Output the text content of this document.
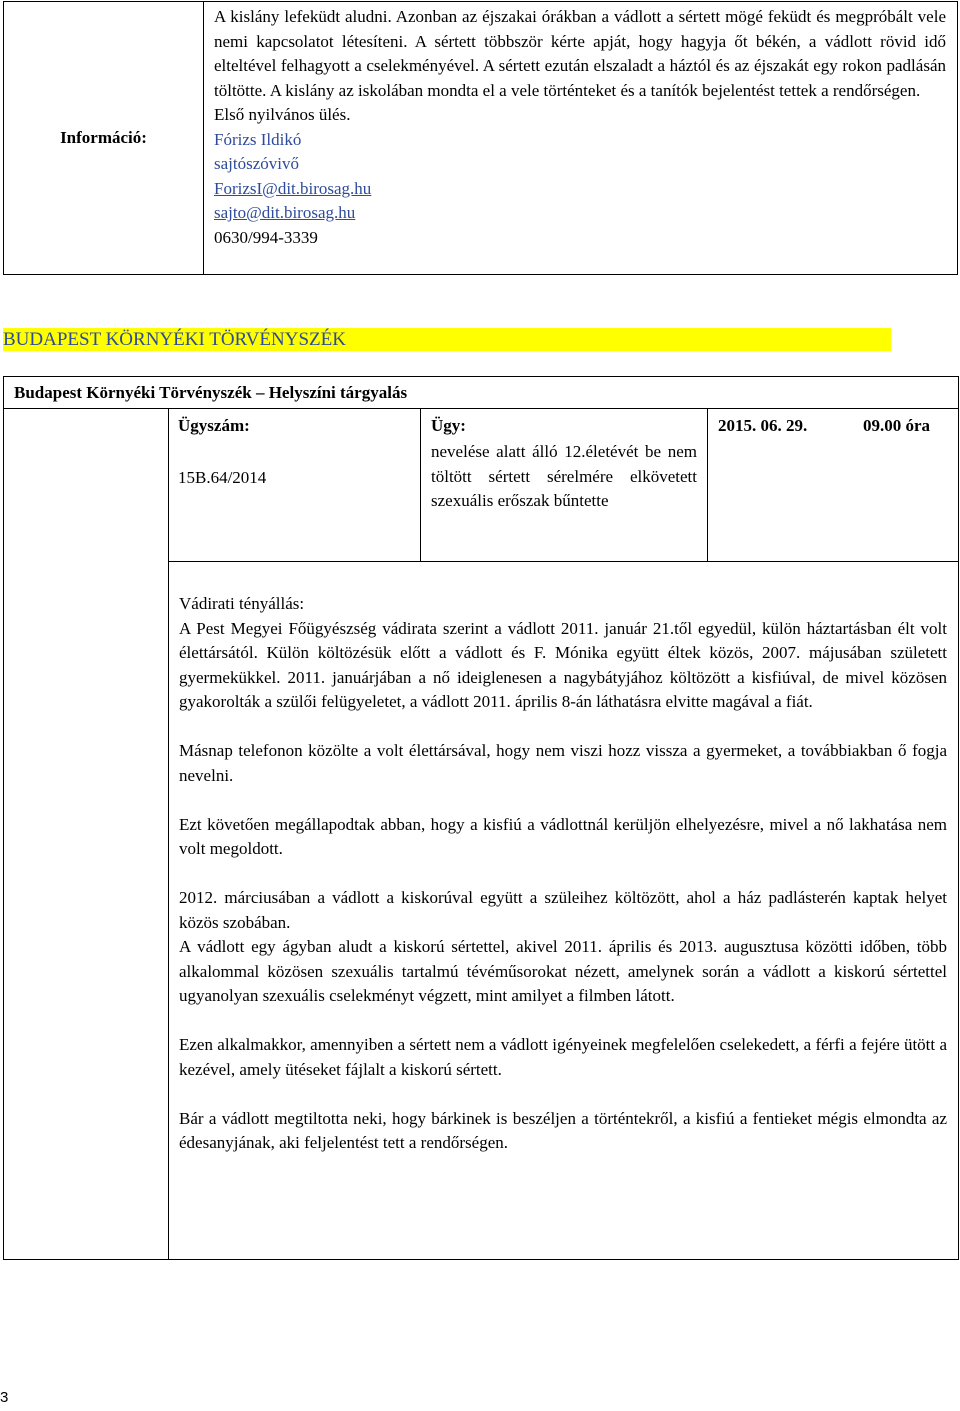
Információ:

A kislány lefeküdt aludni. Azonban az éjszakai órákban a vádlott a sértett mögé feküdt és megpróbált vele nemi kapcsolatot létesíteni. A sértett többször kérte apját, hogy hagyja őt békén, a vádlott rövid idő elteltével felhagyott a cselekményével. A sértett ezután elszaladt a háztól és az éjszakát egy rokon padlásán töltötte. A kislány az iskolában mondta el a vele történteket és a tanítók bejelentést tettek a rendőrségen.

Első nyilvános ülés.

Fórizs Ildikó

sajtószóvivő

ForizsI@dit.birosag.hu

sajto@dit.birosag.hu

0630/994-3339

BUDAPEST KÖRNYÉKI TÖRVÉNYSZÉK
Budapest Környéki Törvényszék – Helyszíni tárgyalás
Ügyszám:
15B.64/2014
Ügy:
nevelése alatt álló 12.életévét be nem töltött sértett sérelmére elkövetett szexuális erőszak bűntette
2015. 06. 29.	09.00 óra

Vádirati tényállás:

A Pest Megyei Főügyészség vádirata szerint a vádlott 2011. január 21.től egyedül, külön háztartásban élt volt élettársától. Külön költözésük előtt a vádlott és F. Mónika együtt éltek közös, 2007. májusában született gyermekükkel. 2011. januárjában a nő ideiglenesen a nagybátyjához költözött a kisfiúval, de mivel közösen gyakorolták a szülői felügyeletet, a vádlott 2011. április 8-án láthatásra elvitte magával a fiát.

Másnap telefonon közölte a volt élettársával, hogy nem viszi hozz vissza a gyermeket, a továbbiakban ő fogja nevelni.

Ezt követően megállapodtak abban, hogy a kisfiú a vádlottnál kerüljön elhelyezésre, mivel a nő lakhatása nem volt megoldott.

2012. márciusában a vádlott a kiskorúval együtt a szüleihez költözött, ahol a ház padlásterén kaptak helyet közös szobában.

A vádlott egy ágyban aludt a kiskorú sértettel, akivel 2011. április és 2013. augusztusa közötti időben, több alkalommal közösen szexuális tartalmú tévéműsorokat nézett, amelynek során a vádlott a kiskorú sértettel ugyanolyan szexuális cselekményt végzett, mint amilyet a filmben látott.

Ezen alkalmakkor, amennyiben a sértett nem a vádlott igényeinek megfelelően cselekedett, a férfi a fejére ütött a kezével, amely ütéseket fájlalt a kiskorú sértett.

Bár a vádlott megtiltotta neki, hogy bárkinek is beszéljen a történtekről, a kisfiú a fentieket mégis elmondta az édesanyjának, aki feljelentést tett a rendőrségen.

3
